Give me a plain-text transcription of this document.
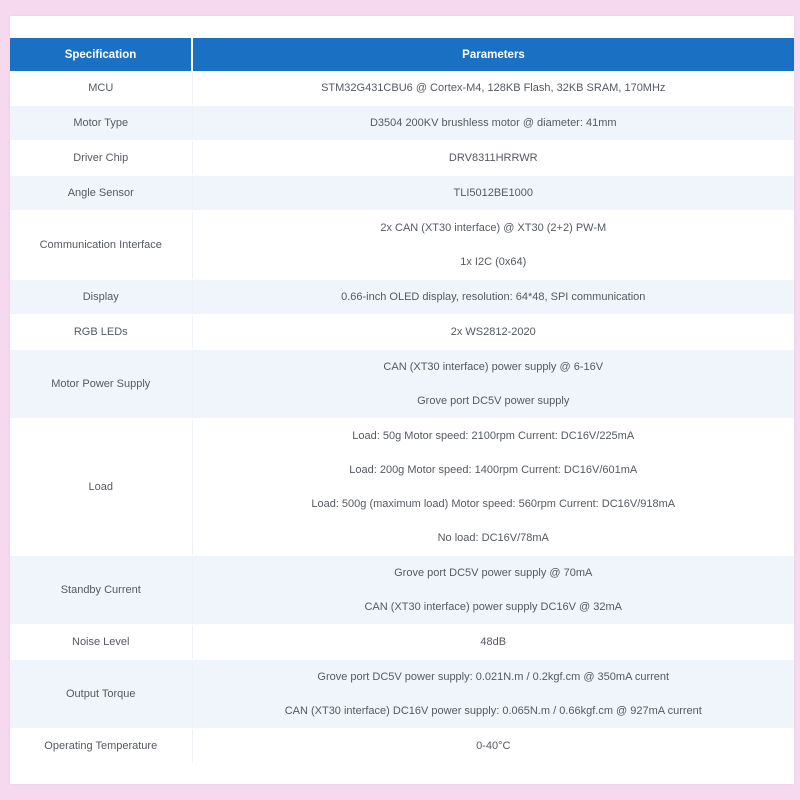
Specification	Parameters

MCU	STM32G431CBU6 @ Cortex-M4, 128KB Flash, 32KB SRAM, 170MHz

Motor Type	D3504 200KV brushless motor @ diameter: 41mm

Driver Chip	DRV8311HRRWR

Angle Sensor	TLI5012BE1000

Communication Interface	2x CAN (XT30 interface) @ XT30 (2+2) PW-M
1x I2C (0x64)

Display	0.66-inch OLED display, resolution: 64*48, SPI communication

RGB LEDs	2x WS2812-2020

Motor Power Supply	CAN (XT30 interface) power supply @ 6-16V
Grove port DC5V power supply

Load	Load: 50g Motor speed: 2100rpm Current: DC16V/225mA
Load: 200g Motor speed: 1400rpm Current: DC16V/601mA
Load: 500g (maximum load) Motor speed: 560rpm Current: DC16V/918mA
No load: DC16V/78mA

Standby Current	Grove port DC5V power supply @ 70mA
CAN (XT30 interface) power supply DC16V @ 32mA

Noise Level	48dB

Output Torque	Grove port DC5V power supply: 0.021N.m / 0.2kgf.cm @ 350mA current
CAN (XT30 interface) DC16V power supply: 0.065N.m / 0.66kgf.cm @ 927mA current

Operating Temperature	0-40°C
